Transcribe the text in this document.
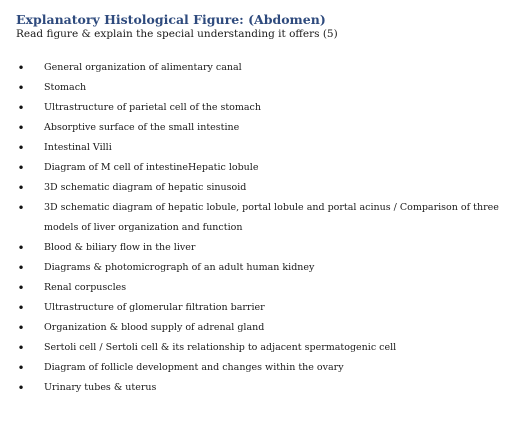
Explanatory Histological Figure: (Abdomen)

Read figure & explain the special understanding it offers (5)

• General organization of alimentary canal
• Stomach
• Ultrastructure of parietal cell of the stomach
• Absorptive surface of the small intestine
• Intestinal Villi
• Diagram of M cell of intestineHepatic lobule
• 3D schematic diagram of hepatic sinusoid
• 3D schematic diagram of hepatic lobule, portal lobule and portal acinus / Comparison of three models of liver organization and function
• Blood & biliary flow in the liver
• Diagrams & photomicrograph of an adult human kidney
• Renal corpuscles
• Ultrastructure of glomerular filtration barrier
• Organization & blood supply of adrenal gland
• Sertoli cell / Sertoli cell & its relationship to adjacent spermatogenic cell
• Diagram of follicle development and changes within the ovary
• Urinary tubes & uterus
